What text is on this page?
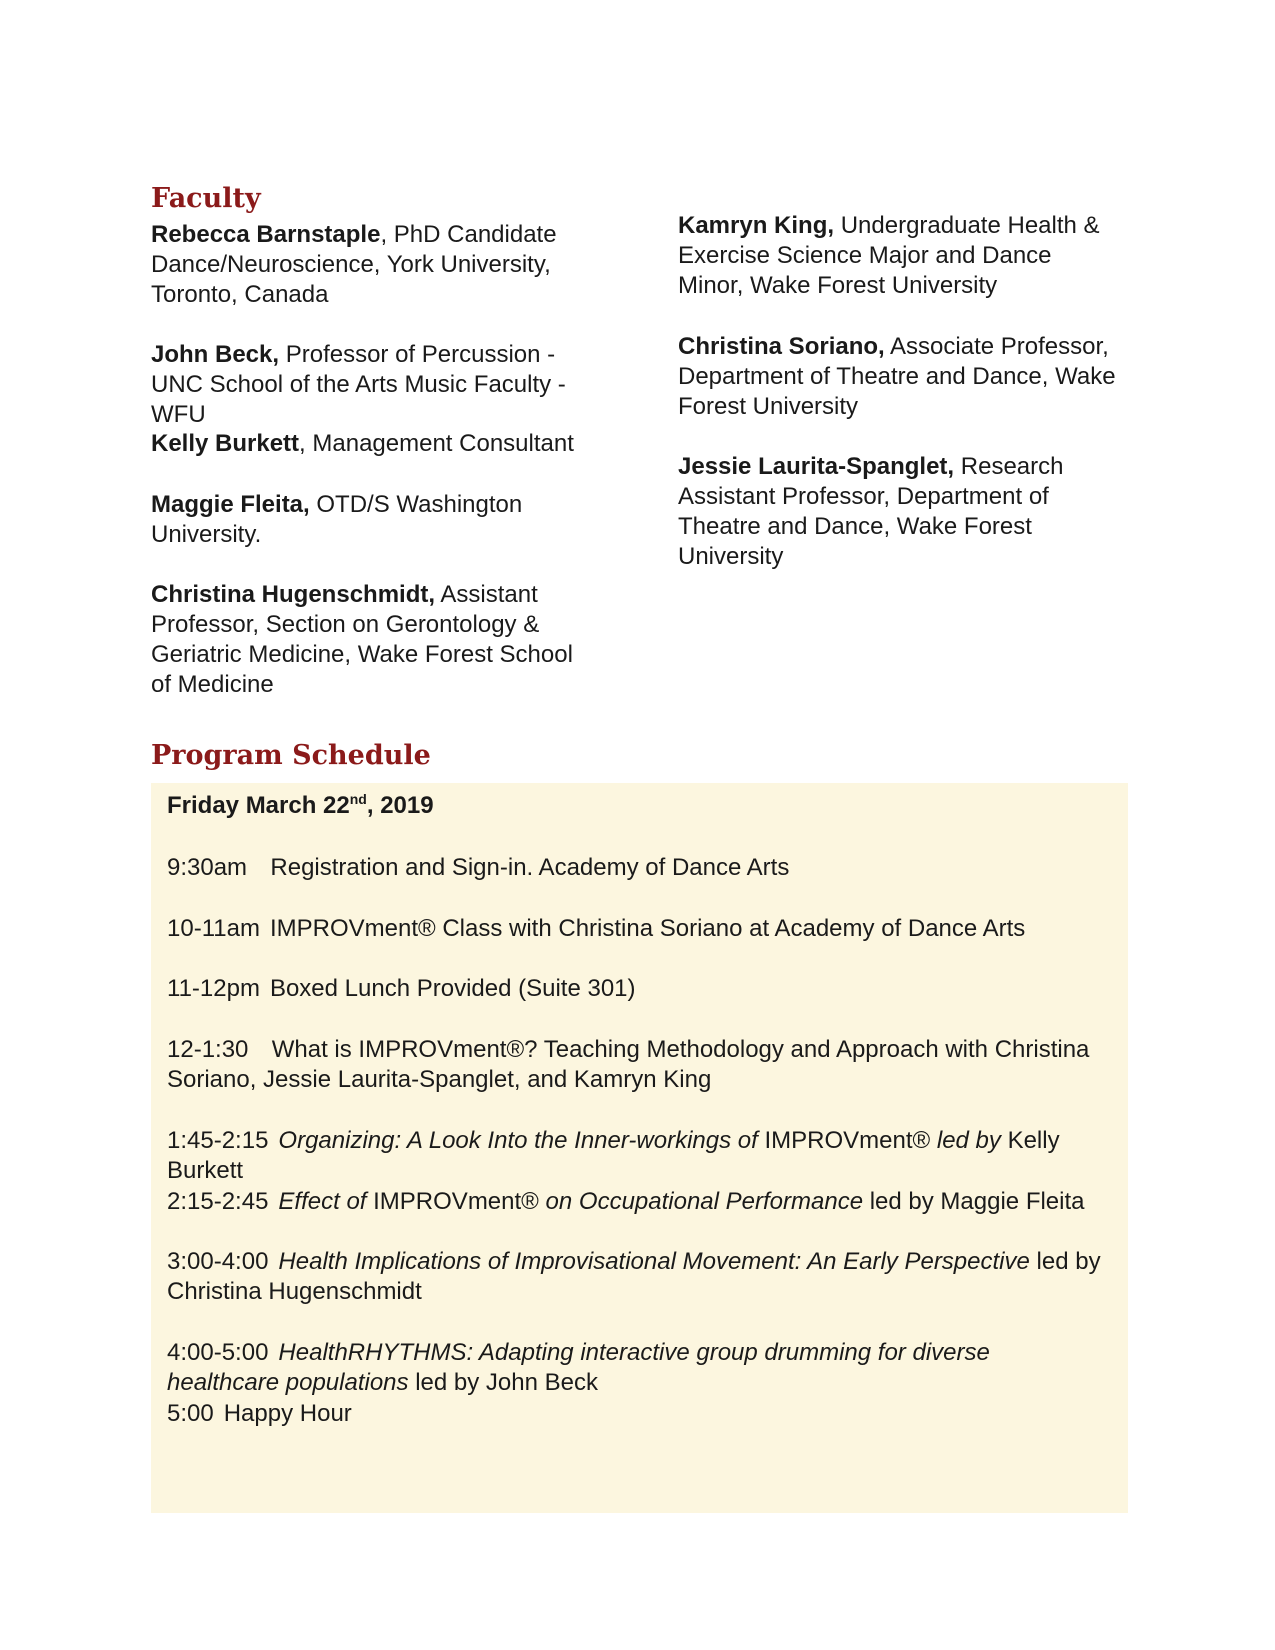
Faculty

Rebecca Barnstaple, PhD Candidate Dance/Neuroscience, York University, Toronto, Canada

John Beck, Professor of Percussion - UNC School of the Arts Music Faculty - WFU

Kelly Burkett, Management Consultant

Maggie Fleita, OTD/S Washington University.

Christina Hugenschmidt, Assistant Professor, Section on Gerontology & Geriatric Medicine, Wake Forest School of Medicine

Kamryn King, Undergraduate Health & Exercise Science Major and Dance Minor, Wake Forest University

Christina Soriano, Associate Professor, Department of Theatre and Dance, Wake Forest University

Jessie Laurita-Spanglet, Research Assistant Professor, Department of Theatre and Dance, Wake Forest University

Program Schedule

Friday March 22nd, 2019

9:30am  Registration and Sign-in. Academy of Dance Arts

10-11am IMPROVment® Class with Christina Soriano at Academy of Dance Arts

11-12pm Boxed Lunch Provided (Suite 301)

12-1:30  What is IMPROVment®? Teaching Methodology and Approach with Christina Soriano, Jessie Laurita-Spanglet, and Kamryn King

1:45-2:15 Organizing: A Look Into the Inner-workings of IMPROVment® led by Kelly Burkett

2:15-2:45 Effect of IMPROVment® on Occupational Performance led by Maggie Fleita

3:00-4:00 Health Implications of Improvisational Movement: An Early Perspective led by Christina Hugenschmidt

4:00-5:00 HealthRHYTHMS: Adapting interactive group drumming for diverse healthcare populations led by John Beck

5:00 Happy Hour
